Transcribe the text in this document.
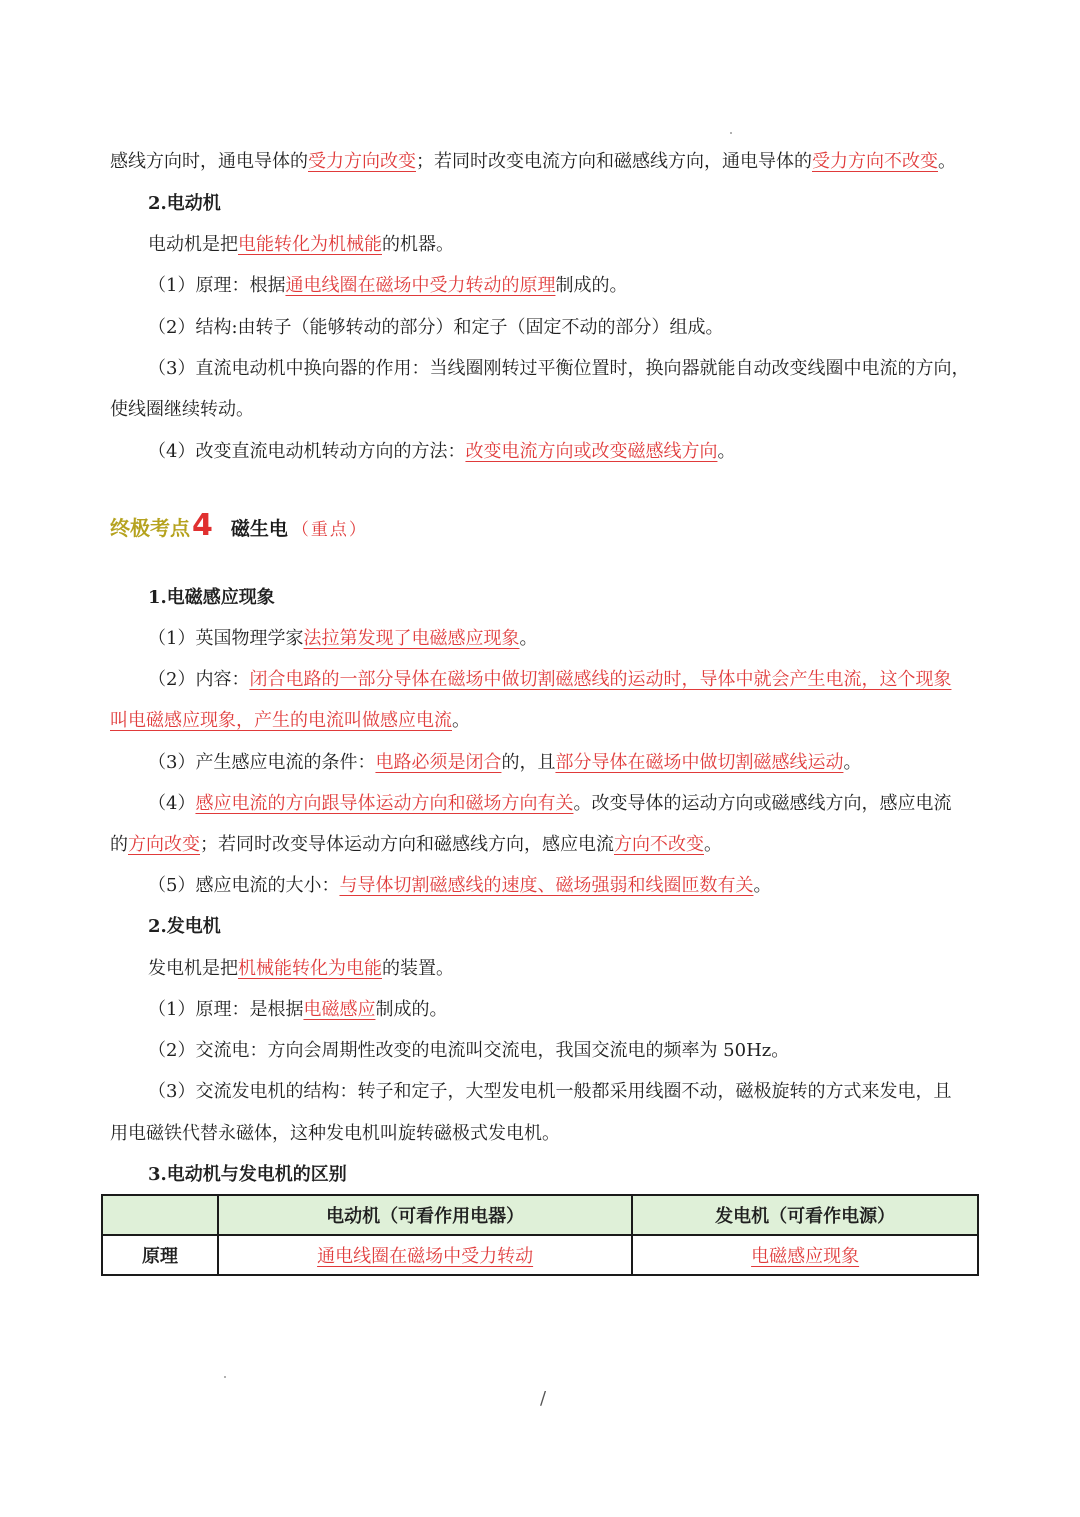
感线方向时，通电导体的受力方向改变；若同时改变电流方向和磁感线方向，通电导体的受力方向不改变。
2.电动机
电动机是把电能转化为机械能的机器。
（1）原理：根据通电线圈在磁场中受力转动的原理制成的。
（2）结构:由转子（能够转动的部分）和定子（固定不动的部分）组成。
（3）直流电动机中换向器的作用：当线圈刚转过平衡位置时，换向器就能自动改变线圈中电流的方向，
使线圈继续转动。
（4）改变直流电动机转动方向的方法：改变电流方向或改变磁感线方向。
终极考点 4 磁生电 （重点）
1.电磁感应现象
（1）英国物理学家法拉第发现了电磁感应现象。
（2）内容：闭合电路的一部分导体在磁场中做切割磁感线的运动时，导体中就会产生电流，这个现象
叫电磁感应现象，产生的电流叫做感应电流。
（3）产生感应电流的条件：电路必须是闭合的，且部分导体在磁场中做切割磁感线运动。
（4）感应电流的方向跟导体运动方向和磁场方向有关。改变导体的运动方向或磁感线方向，感应电流
的方向改变；若同时改变导体运动方向和磁感线方向，感应电流方向不改变。
（5）感应电流的大小：与导体切割磁感线的速度、磁场强弱和线圈匝数有关。
2.发电机
发电机是把机械能转化为电能的装置。
（1）原理：是根据电磁感应制成的。
（2）交流电：方向会周期性改变的电流叫交流电，我国交流电的频率为 50Hz。
（3）交流发电机的结构：转子和定子，大型发电机一般都采用线圈不动，磁极旋转的方式来发电，且
用电磁铁代替永磁体，这种发电机叫旋转磁极式发电机。
3.电动机与发电机的区别
	电动机（可看作用电器）	发电机（可看作电源）
原理	通电线圈在磁场中受力转动	电磁感应现象
/
